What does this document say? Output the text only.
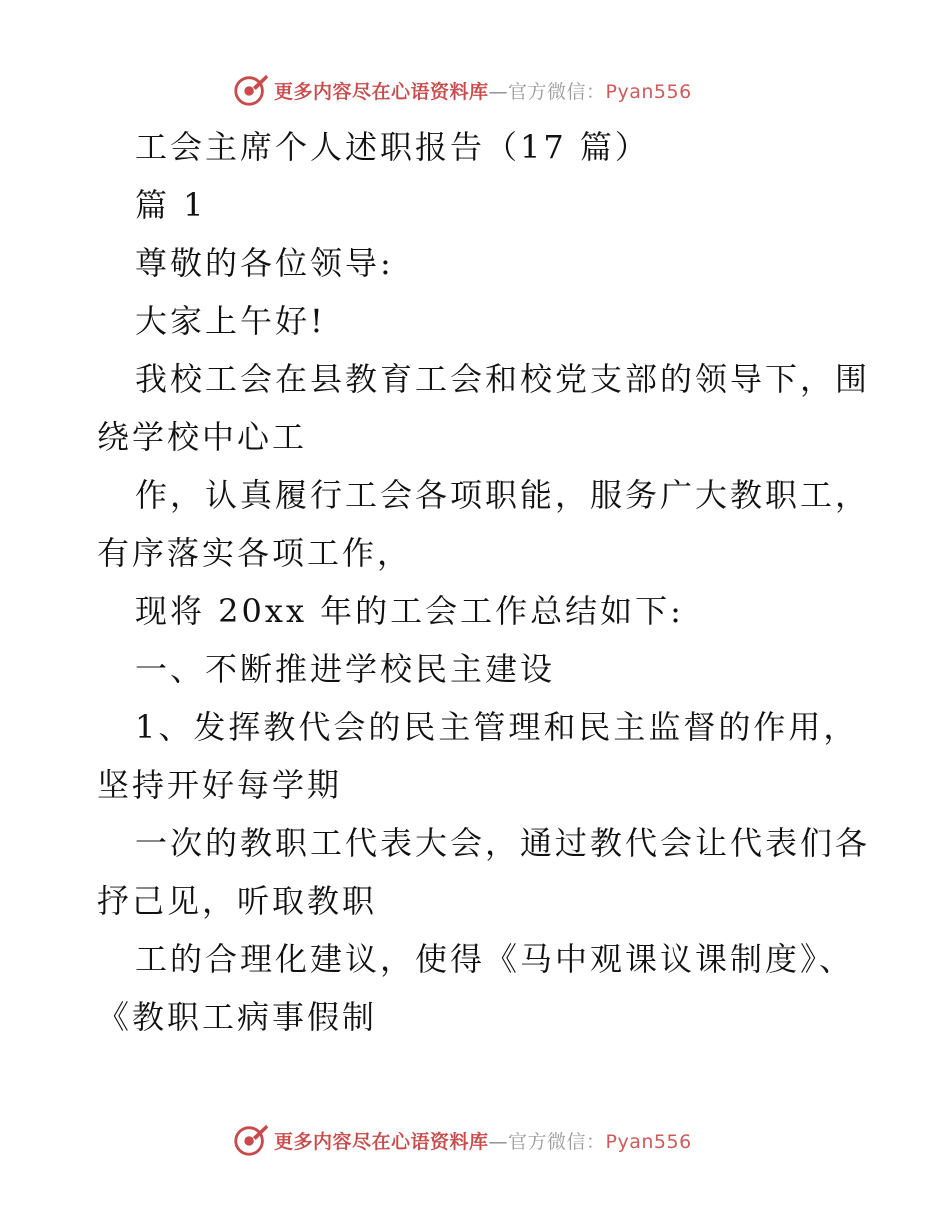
更多内容尽在心语资料库—官方微信：Pyan556

工会主席个人述职报告（17 篇）

篇 1

尊敬的各位领导:

大家上午好!

我校工会在县教育工会和校党支部的领导下，围

绕学校中心工

作，认真履行工会各项职能，服务广大教职工，

有序落实各项工作，

现将 20xx 年的工会工作总结如下:

一、不断推进学校民主建设

1、发挥教代会的民主管理和民主监督的作用，

坚持开好每学期

一次的教职工代表大会，通过教代会让代表们各

抒己见，听取教职

工的合理化建议，使得《马中观课议课制度》、

《教职工病事假制

更多内容尽在心语资料库—官方微信：Pyan556
